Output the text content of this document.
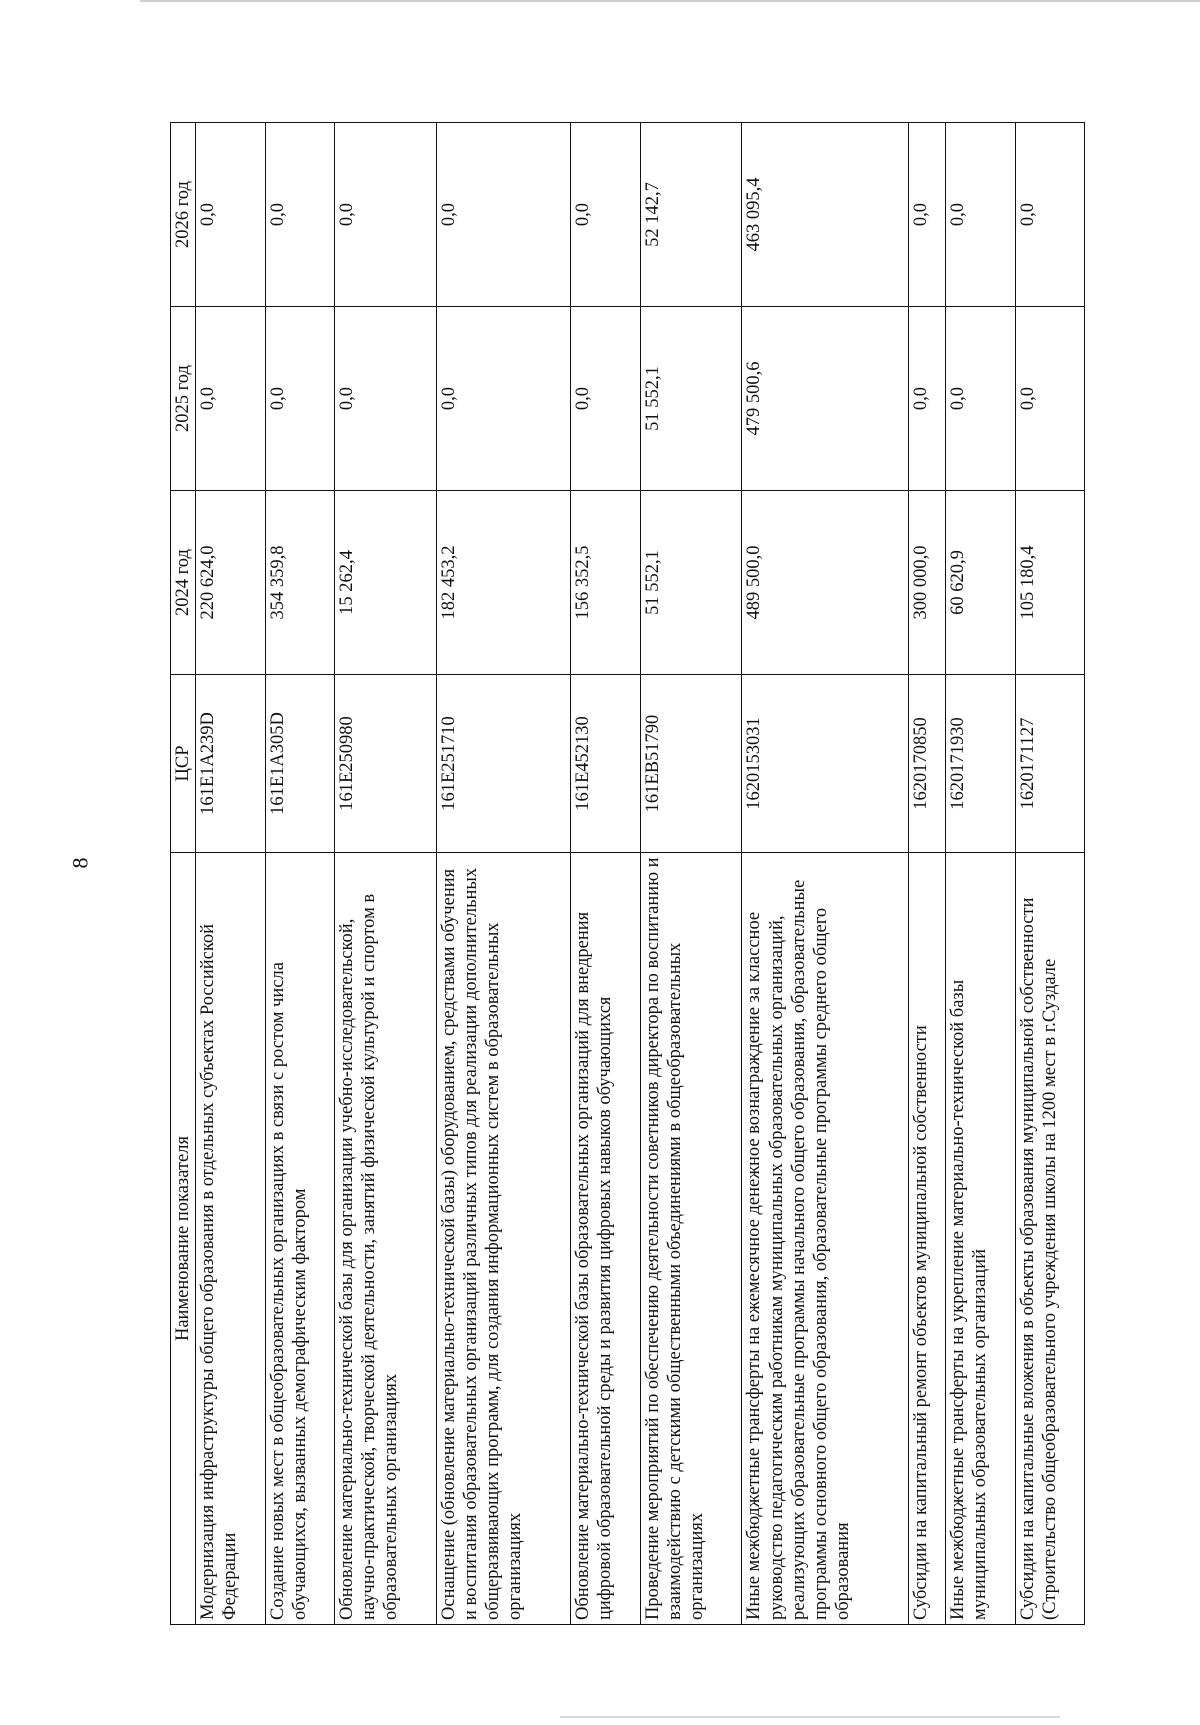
8
Наименование показателя	ЦСР	2024 год	2025 год	2026 год
Модернизация инфраструктуры общего образования в отдельных субъектах Российской Федерации	161E1A239D	220 624,0	0,0	0,0
Создание новых мест в общеобразовательных организациях в связи с ростом числа обучающихся, вызванных демографическим фактором	161E1A305D	354 359,8	0,0	0,0
Обновление материально-технической базы для организации учебно-исследовательской, научно-практической, творческой деятельности, занятий физической культурой и спортом в образовательных организациях	161E250980	15 262,4	0,0	0,0
Оснащение (обновление материально-технической базы) оборудованием, средствами обучения и воспитания образовательных организаций различных типов для реализации дополнительных общеразвивающих программ, для создания информационных систем в образовательных организациях	161E251710	182 453,2	0,0	0,0
Обновление материально-технической базы образовательных организаций для внедрения цифровой образовательной среды и развития цифровых навыков обучающихся	161E452130	156 352,5	0,0	0,0
Проведение мероприятий по обеспечению деятельности советников директора по воспитанию и взаимодействию с детскими общественными объединениями в общеобразовательных организациях	161EB51790	51 552,1	51 552,1	52 142,7
Иные межбюджетные трансферты на ежемесячное денежное вознаграждение за классное руководство педагогическим работникам муниципальных образовательных организаций, реализующих образовательные программы начального общего образования, образовательные программы основного общего образования, образовательные программы среднего общего образования	1620153031	489 500,0	479 500,6	463 095,4
Субсидии на капитальный ремонт объектов муниципальной собственности	1620170850	300 000,0	0,0	0,0
Иные межбюджетные трансферты на укрепление материально-технической базы муниципальных образовательных организаций	1620171930	60 620,9	0,0	0,0
Субсидии на капитальные вложения в объекты образования муниципальной собственности (Строительство общеобразовательного учреждения школы на 1200 мест в г.Суздале	1620171127	105 180,4	0,0	0,0
